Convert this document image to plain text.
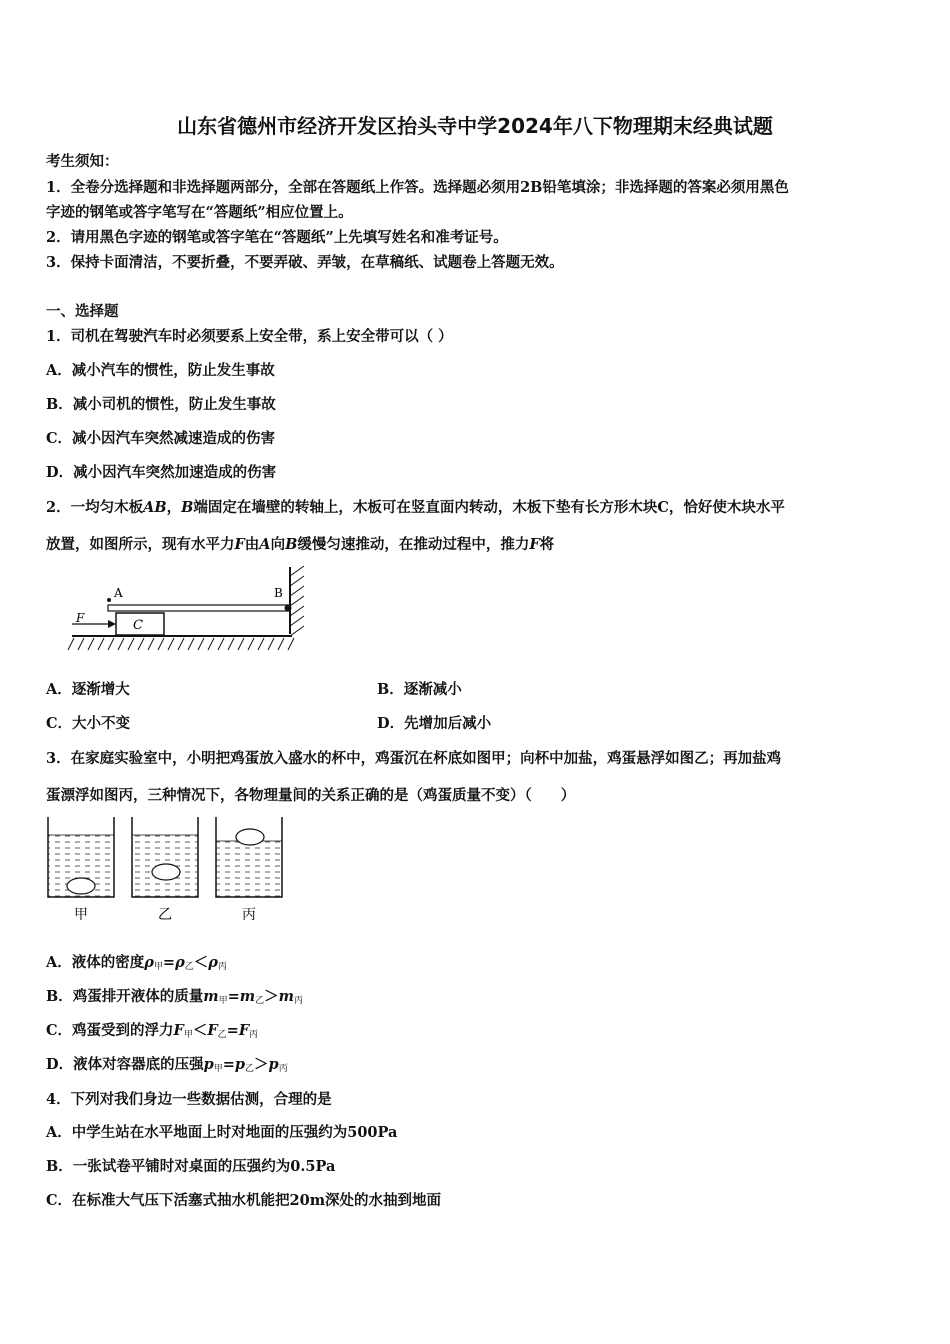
山东省德州市经济开发区抬头寺中学2024年八下物理期末经典试题
考生须知：
1．全卷分选择题和非选择题两部分，全部在答题纸上作答。选择题必须用2B铅笔填涂；非选择题的答案必须用黑色
字迹的钢笔或答字笔写在“答题纸”相应位置上。
2．请用黑色字迹的钢笔或答字笔在“答题纸”上先填写姓名和准考证号。
3．保持卡面清洁，不要折叠，不要弄破、弄皱，在草稿纸、试题卷上答题无效。
一、选择题
1．司机在驾驶汽车时必须要系上安全带，系上安全带可以（ ）
A．减小汽车的惯性，防止发生事故
B．减小司机的惯性，防止发生事故
C．减小因汽车突然减速造成的伤害
D．减小因汽车突然加速造成的伤害
2．一均匀木板AB，B端固定在墙壁的转轴上，木板可在竖直面内转动，木板下垫有长方形木块C，恰好使木块水平
放置，如图所示，现有水平力F由A向B缓慢匀速推动，在推动过程中，推力F将
A	B
C
F
A．逐渐增大	B．逐渐减小
C．大小不变	D．先增加后减小
3．在家庭实验室中，小明把鸡蛋放入盛水的杯中，鸡蛋沉在杯底如图甲；向杯中加盐，鸡蛋悬浮如图乙；再加盐鸡
蛋漂浮如图丙，三种情况下，各物理量间的关系正确的是（鸡蛋质量不变）（　　）
甲	乙	丙
A．液体的密度$\rho_甲=\rho_乙<\rho_丙$
B．鸡蛋排开液体的质量$m_甲=m_乙>m_丙$
C．鸡蛋受到的浮力$F_甲<F_乙=F_丙$
D．液体对容器底的压强$p_甲=p_乙>p_丙$
4．下列对我们身边一些数据估测，合理的是
A．中学生站在水平地面上时对地面的压强约为500Pa
B．一张试卷平铺时对桌面的压强约为0.5Pa
C．在标准大气压下活塞式抽水机能把20m深处的水抽到地面
